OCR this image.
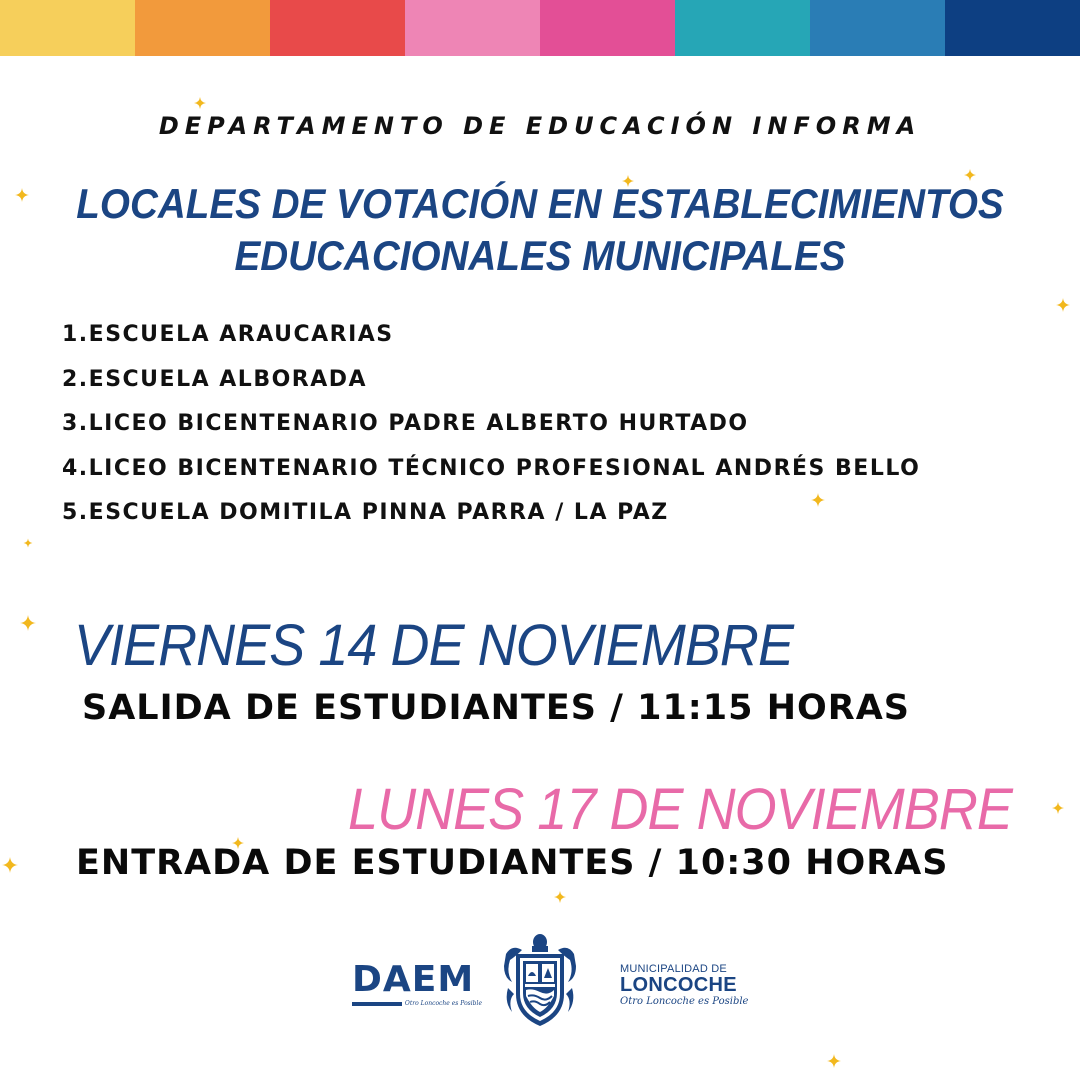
DEPARTAMENTO DE EDUCACIÓN INFORMA
LOCALES DE VOTACIÓN EN ESTABLECIMIENTOS
EDUCACIONALES MUNICIPALES
1.ESCUELA ARAUCARIAS
2.ESCUELA ALBORADA
3.LICEO BICENTENARIO PADRE ALBERTO HURTADO
4.LICEO BICENTENARIO TÉCNICO PROFESIONAL ANDRÉS BELLO
5.ESCUELA DOMITILA PINNA PARRA / LA PAZ
VIERNES 14 DE NOVIEMBRE
SALIDA DE ESTUDIANTES / 11:15 HORAS
LUNES 17 DE NOVIEMBRE
ENTRADA DE ESTUDIANTES / 10:30 HORAS
DAEM
Otro Loncoche es Posible
MUNICIPALIDAD DE
LONCOCHE
Otro Loncoche es Posible
